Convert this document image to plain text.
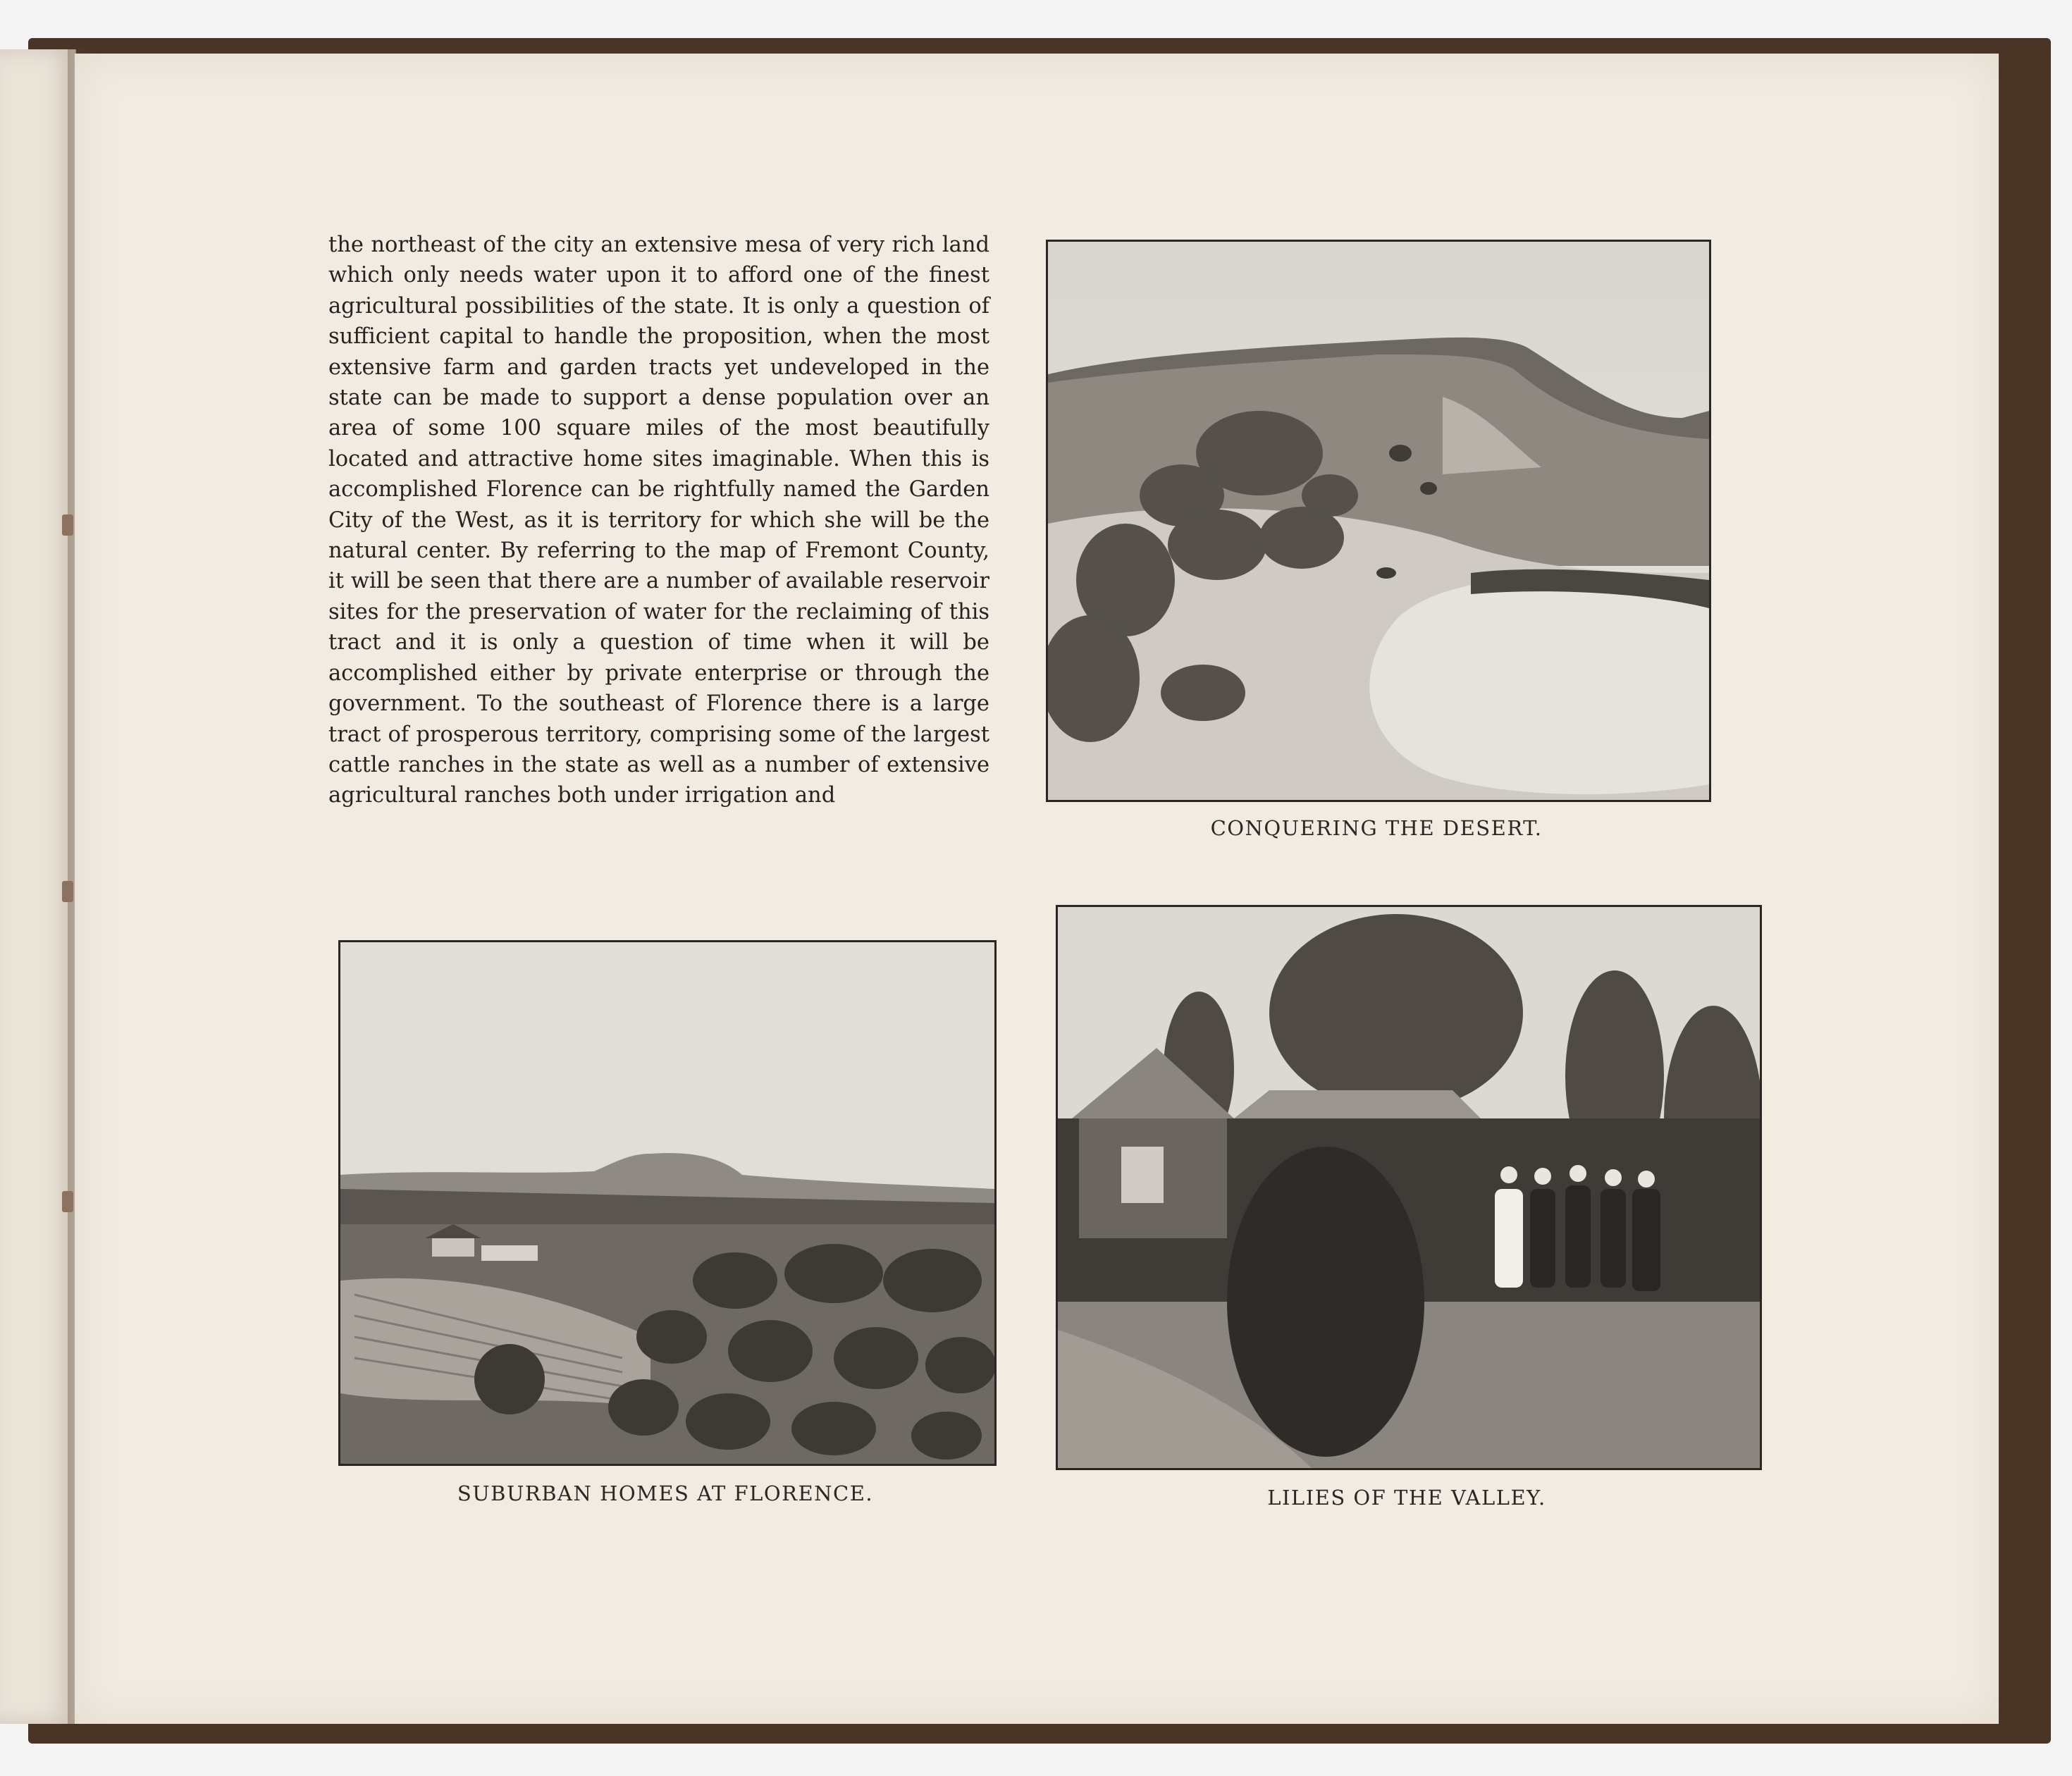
the northeast of the city an extensive mesa of very rich land which only needs water upon it to afford one of the finest agricultural possibilities of the state. It is only a question of sufficient capital to handle the proposition, when the most extensive farm and garden tracts yet undeveloped in the state can be made to support a dense population over an area of some 100 square miles of the most beautifully located and attractive home sites imaginable. When this is accomplished Florence can be rightfully named the Garden City of the West, as it is territory for which she will be the natural center. By referring to the map of Fremont County, it will be seen that there are a number of available reservoir sites for the preservation of water for the reclaiming of this tract and it is only a question of time when it will be accomplished either by private enterprise or through the government. To the southeast of Florence there is a large tract of prosperous territory, comprising some of the largest cattle ranches in the state as well as a number of extensive agricultural ranches both under irrigation and

CONQUERING THE DESERT.
SUBURBAN HOMES AT FLORENCE.	LILIES OF THE VALLEY.
